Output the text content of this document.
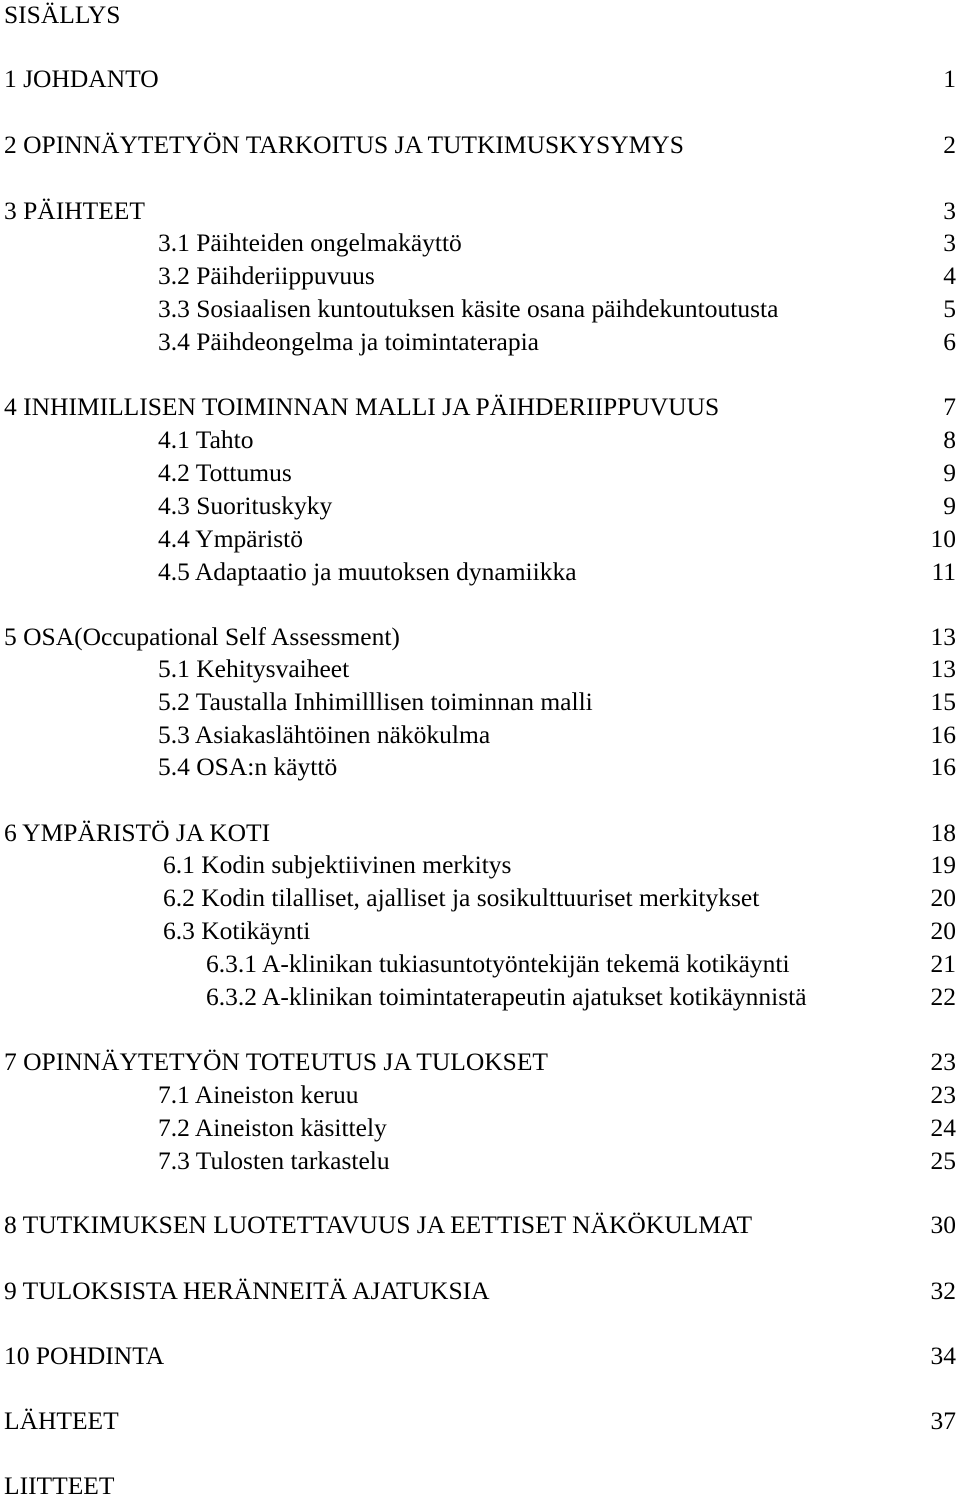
SISÄLLYS
1 JOHDANTO	1
2 OPINNÄYTETYÖN TARKOITUS JA TUTKIMUSKYSYMYS	2
3 PÄIHTEET	3
3.1 Päihteiden ongelmakäyttö	3
3.2 Päihderiippuvuus	4
3.3 Sosiaalisen kuntoutuksen käsite osana päihdekuntoutusta	5
3.4 Päihdeongelma ja toimintaterapia	6
4 INHIMILLISEN TOIMINNAN MALLI JA PÄIHDERIIPPUVUUS	7
4.1 Tahto	8
4.2 Tottumus	9
4.3 Suorituskyky	9
4.4 Ympäristö	10
4.5 Adaptaatio ja muutoksen dynamiikka	11
5 OSA(Occupational Self Assessment)	13
5.1 Kehitysvaiheet	13
5.2 Taustalla Inhimilllisen toiminnan malli	15
5.3 Asiakaslähtöinen näkökulma	16
5.4 OSA:n käyttö	16
6 YMPÄRISTÖ JA KOTI	18
6.1 Kodin subjektiivinen merkitys	19
6.2 Kodin tilalliset, ajalliset ja sosikulttuuriset merkitykset	20
6.3 Kotikäynti	20
6.3.1 A-klinikan tukiasuntotyöntekijän tekemä kotikäynti	21
6.3.2 A-klinikan toimintaterapeutin ajatukset kotikäynnistä	22
7 OPINNÄYTETYÖN TOTEUTUS JA TULOKSET	23
7.1 Aineiston keruu	23
7.2 Aineiston käsittely	24
7.3 Tulosten tarkastelu	25
8 TUTKIMUKSEN LUOTETTAVUUS JA EETTISET NÄKÖKULMAT	30
9 TULOKSISTA HERÄNNEITÄ AJATUKSIA	32
10 POHDINTA	34
LÄHTEET	37
LIITTEET
